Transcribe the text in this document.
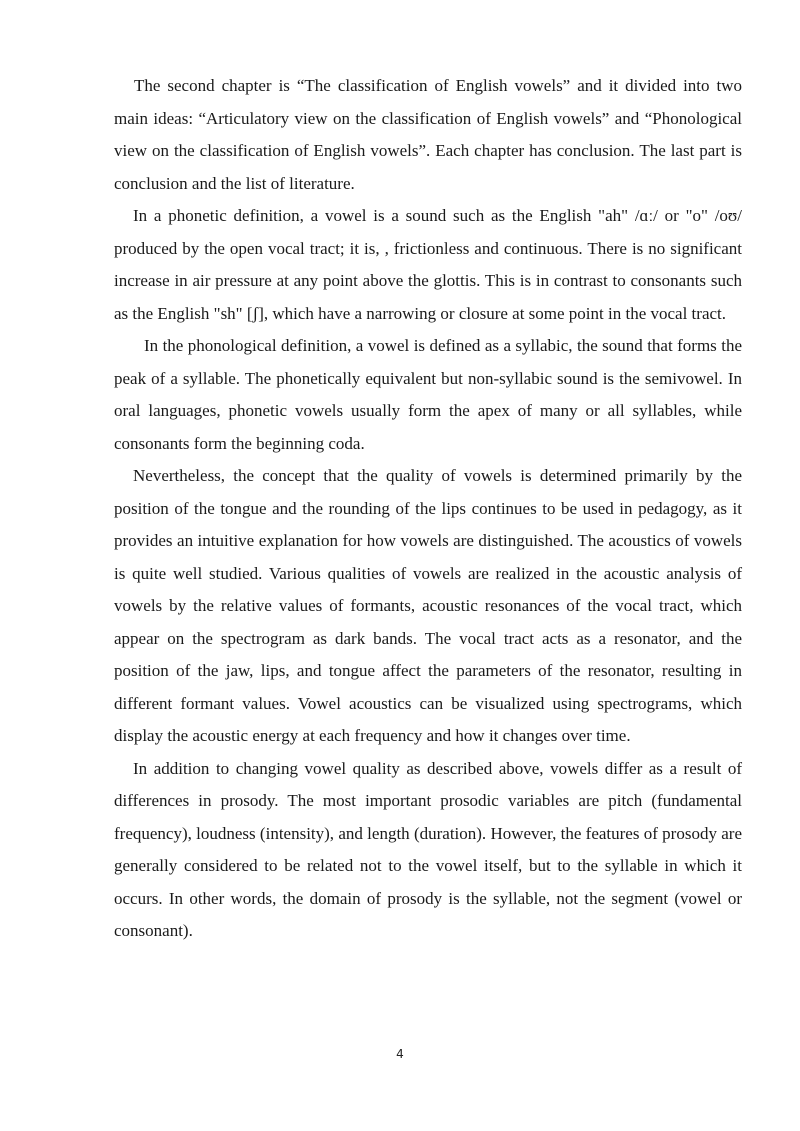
The second chapter is “The classification of English vowels” and it divided into two main ideas: “Articulatory view on the classification of English vowels” and “Phonological view on the classification of English vowels”. Each chapter has conclusion. The last part is conclusion and the list of literature.

In a phonetic definition, a vowel is a sound such as the English "ah" /ɑː/ or "o" /oʊ/ produced by the open vocal tract; it is, , frictionless and continuous. There is no significant increase in air pressure at any point above the glottis. This is in contrast to consonants such as the English "sh" [ʃ], which have a narrowing or closure at some point in the vocal tract.

In the phonological definition, a vowel is defined as a syllabic, the sound that forms the peak of a syllable. The phonetically equivalent but non-syllabic sound is the semivowel. In oral languages, phonetic vowels usually form the apex of many or all syllables, while consonants form the beginning coda.

Nevertheless, the concept that the quality of vowels is determined primarily by the position of the tongue and the rounding of the lips continues to be used in pedagogy, as it provides an intuitive explanation for how vowels are distinguished. The acoustics of vowels is quite well studied. Various qualities of vowels are realized in the acoustic analysis of vowels by the relative values of formants, acoustic resonances of the vocal tract, which appear on the spectrogram as dark bands. The vocal tract acts as a resonator, and the position of the jaw, lips, and tongue affect the parameters of the resonator, resulting in different formant values. Vowel acoustics can be visualized using spectrograms, which display the acoustic energy at each frequency and how it changes over time.

In addition to changing vowel quality as described above, vowels differ as a result of differences in prosody. The most important prosodic variables are pitch (fundamental frequency), loudness (intensity), and length (duration). However, the features of prosody are generally considered to be related not to the vowel itself, but to the syllable in which it occurs. In other words, the domain of prosody is the syllable, not the segment (vowel or consonant).

4
